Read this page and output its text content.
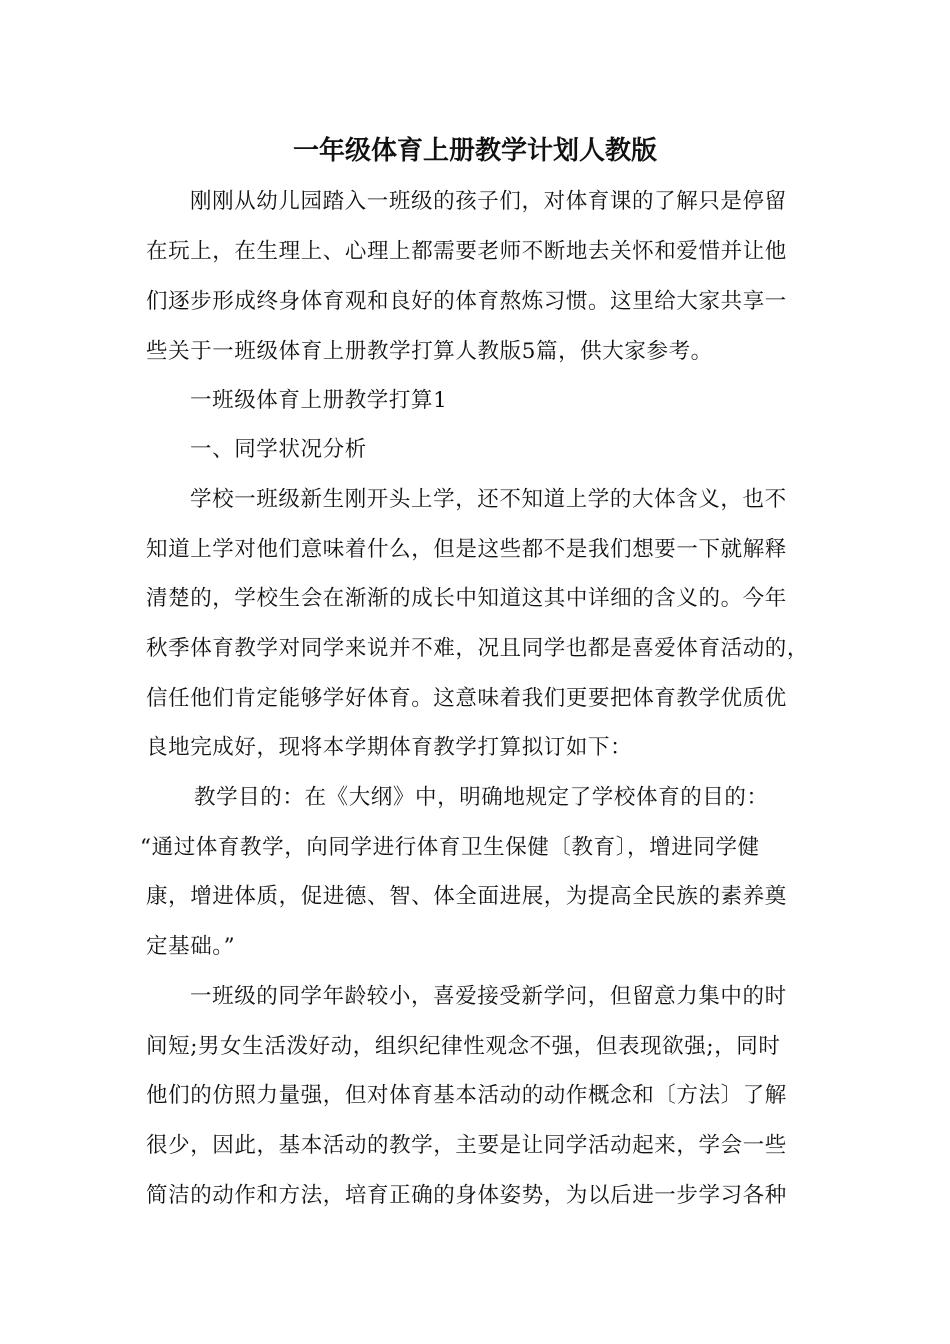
一年级体育上册教学计划人教版
刚刚从幼儿园踏入一班级的孩子们，对体育课的了解只是停留
在玩上，在生理上、心理上都需要老师不断地去关怀和爱惜并让他
们逐步形成终身体育观和良好的体育熬炼习惯。这里给大家共享一
些关于一班级体育上册教学打算人教版5篇，供大家参考。
一班级体育上册教学打算1
一、同学状况分析
学校一班级新生刚开头上学，还不知道上学的大体含义，也不
知道上学对他们意味着什么，但是这些都不是我们想要一下就解释
清楚的，学校生会在渐渐的成长中知道这其中详细的含义的。今年
秋季体育教学对同学来说并不难，况且同学也都是喜爱体育活动的，
信任他们肯定能够学好体育。这意味着我们更要把体育教学优质优
良地完成好，现将本学期体育教学打算拟订如下：
教学目的：在《大纲》中，明确地规定了学校体育的目的：
“通过体育教学，向同学进行体育卫生保健〔教育〕，增进同学健
康，增进体质，促进德、智、体全面进展，为提高全民族的素养奠
定基础。”
一班级的同学年龄较小，喜爱接受新学问，但留意力集中的时
间短;男女生活泼好动，组织纪律性观念不强，但表现欲强;，同时
他们的仿照力量强，但对体育基本活动的动作概念和〔方法〕了解
很少，因此，基本活动的教学，主要是让同学活动起来，学会一些
简洁的动作和方法，培育正确的身体姿势，为以后进一步学习各种
